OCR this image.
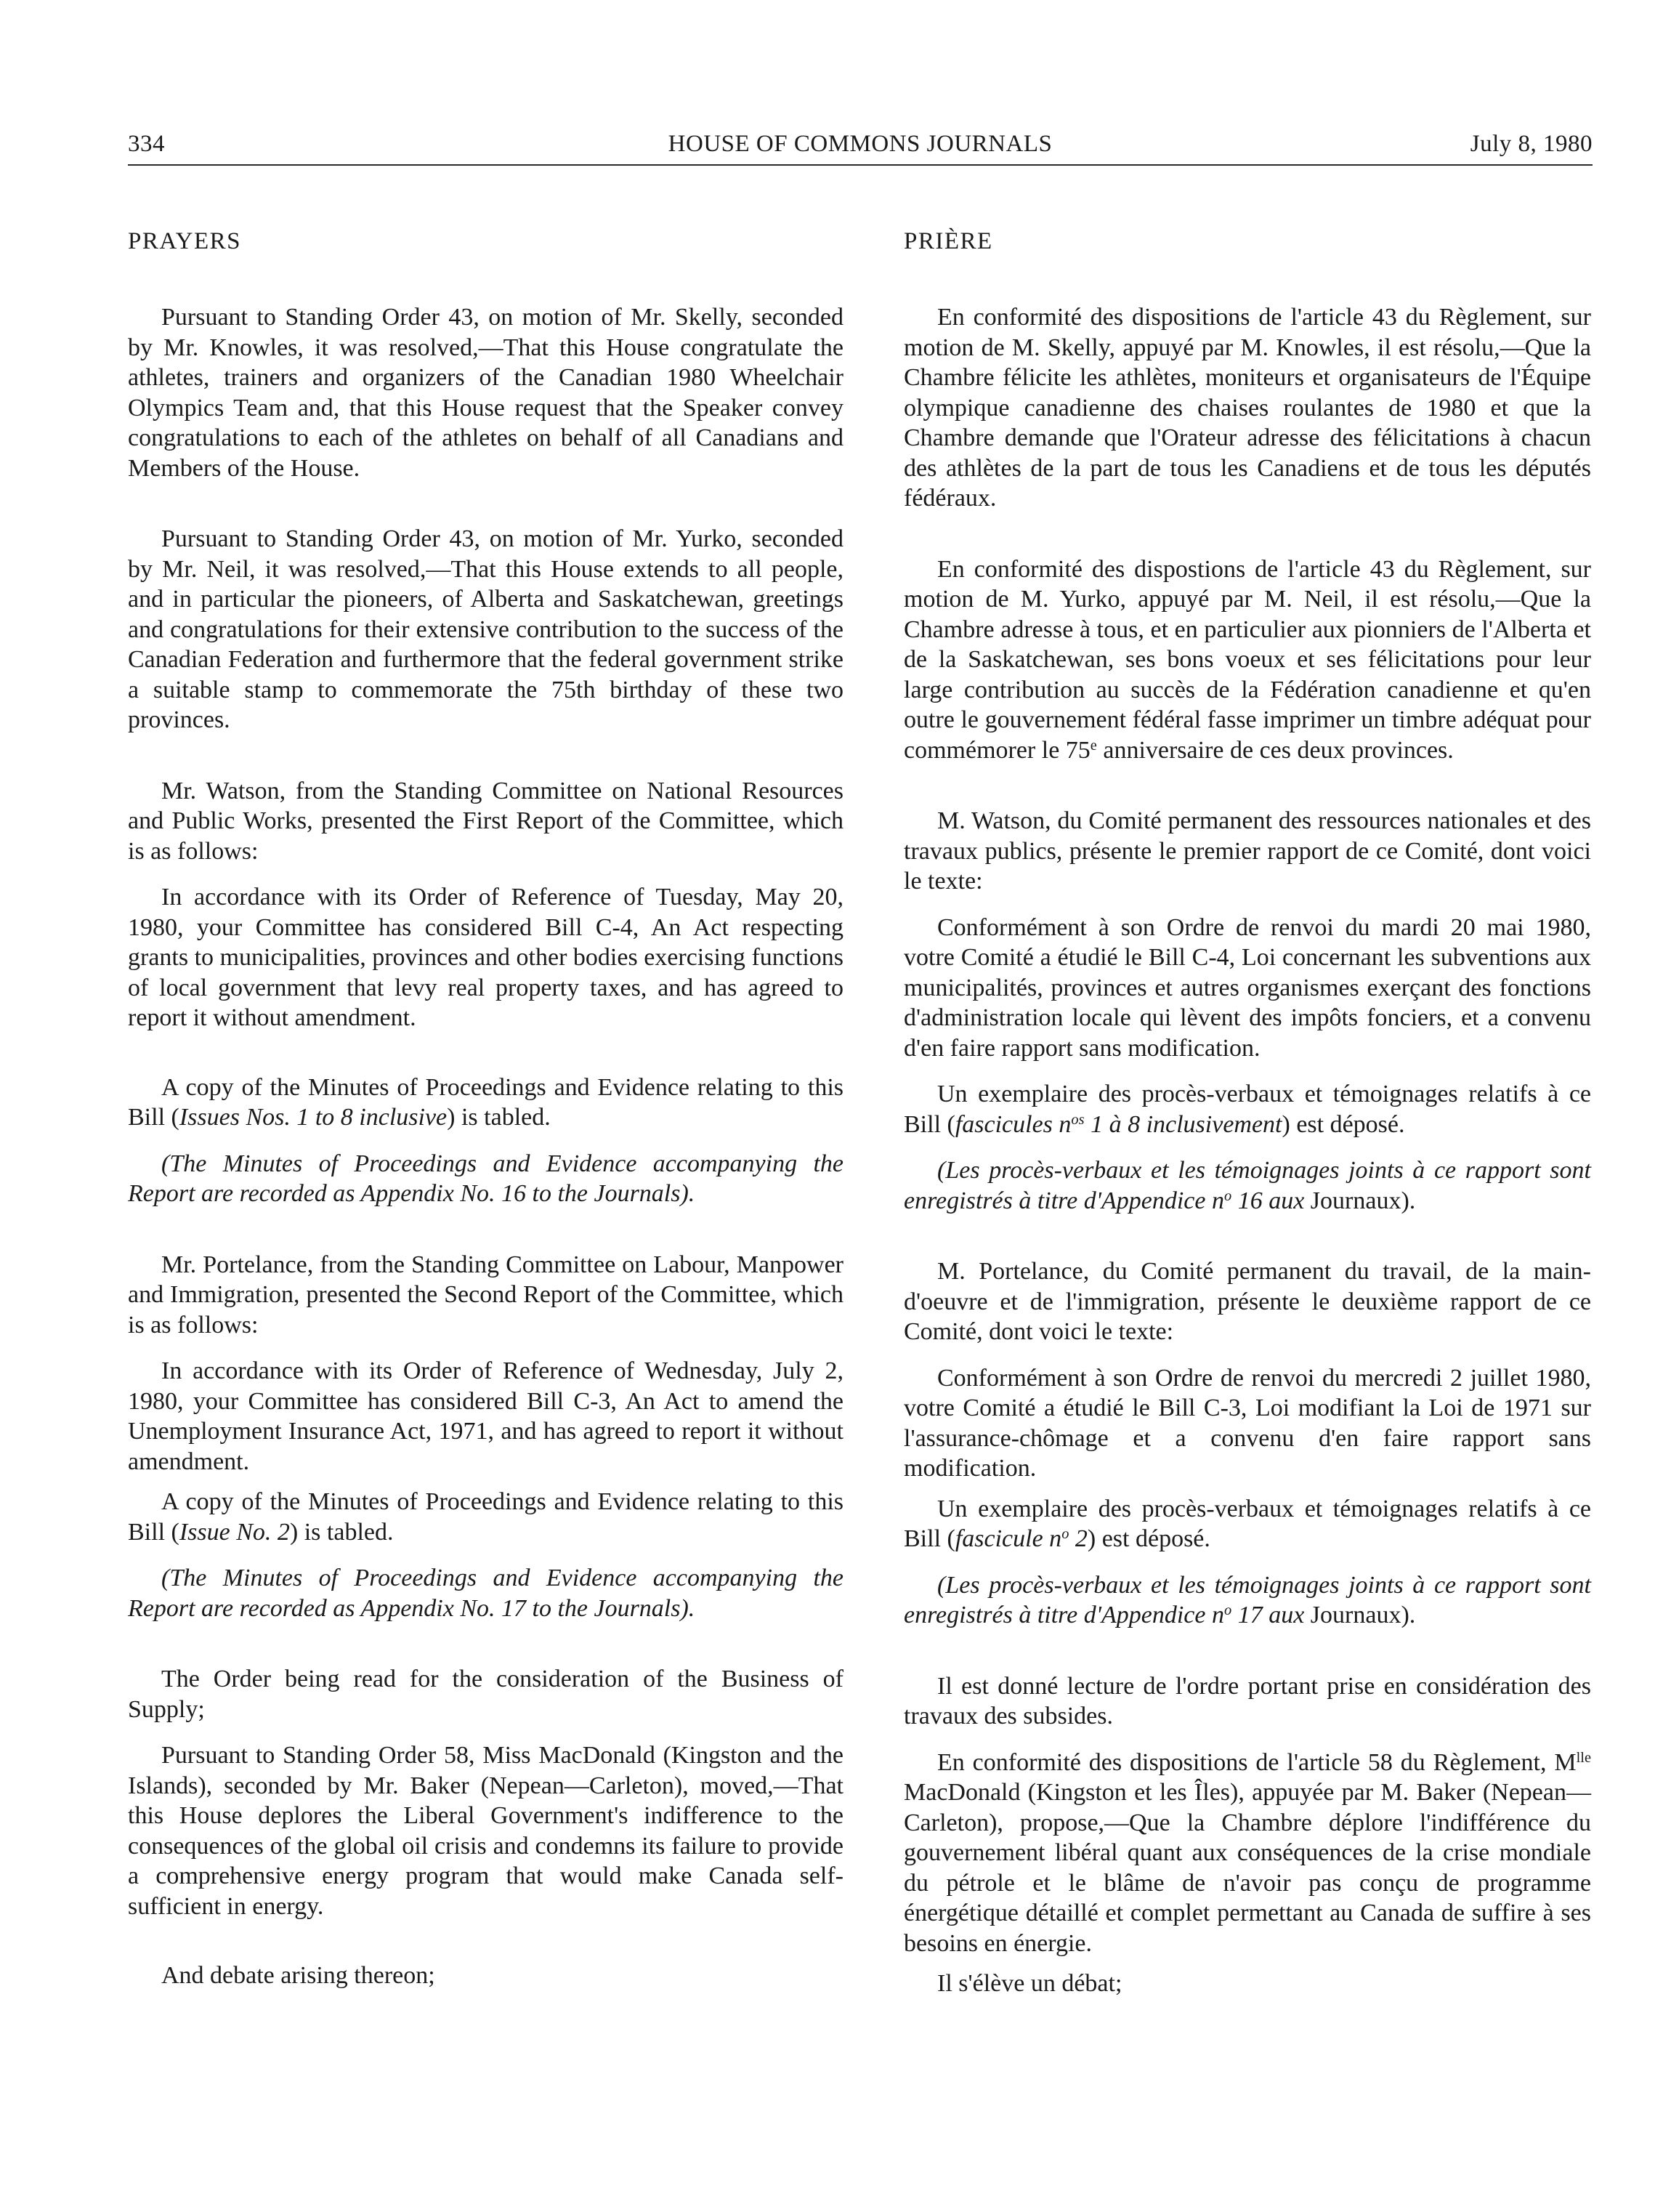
334	HOUSE OF COMMONS JOURNALS	July 8, 1980
PRAYERS

Pursuant to Standing Order 43, on motion of Mr. Skelly, seconded by Mr. Knowles, it was resolved,—That this House congratulate the athletes, trainers and organizers of the Canadian 1980 Wheelchair Olympics Team and, that this House request that the Speaker convey congratulations to each of the athletes on behalf of all Canadians and Members of the House.

Pursuant to Standing Order 43, on motion of Mr. Yurko, seconded by Mr. Neil, it was resolved,—That this House extends to all people, and in particular the pioneers, of Alberta and Saskatchewan, greetings and congratulations for their extensive contribution to the success of the Canadian Federation and furthermore that the federal government strike a suitable stamp to commemorate the 75th birthday of these two provinces.

Mr. Watson, from the Standing Committee on National Resources and Public Works, presented the First Report of the Committee, which is as follows:

In accordance with its Order of Reference of Tuesday, May 20, 1980, your Committee has considered Bill C-4, An Act respecting grants to municipalities, provinces and other bodies exercising functions of local government that levy real property taxes, and has agreed to report it without amendment.

A copy of the Minutes of Proceedings and Evidence relating to this Bill (Issues Nos. 1 to 8 inclusive) is tabled.

(The Minutes of Proceedings and Evidence accompanying the Report are recorded as Appendix No. 16 to the Journals).

Mr. Portelance, from the Standing Committee on Labour, Manpower and Immigration, presented the Second Report of the Committee, which is as follows:

In accordance with its Order of Reference of Wednesday, July 2, 1980, your Committee has considered Bill C-3, An Act to amend the Unemployment Insurance Act, 1971, and has agreed to report it without amendment.

A copy of the Minutes of Proceedings and Evidence relating to this Bill (Issue No. 2) is tabled.

(The Minutes of Proceedings and Evidence accompanying the Report are recorded as Appendix No. 17 to the Journals).

The Order being read for the consideration of the Business of Supply;

Pursuant to Standing Order 58, Miss MacDonald (Kingston and the Islands), seconded by Mr. Baker (Nepean—Carleton), moved,—That this House deplores the Liberal Government's indifference to the consequences of the global oil crisis and condemns its failure to provide a comprehensive energy program that would make Canada self-sufficient in energy.

And debate arising thereon;

PRIÈRE

En conformité des dispositions de l'article 43 du Règlement, sur motion de M. Skelly, appuyé par M. Knowles, il est résolu,—Que la Chambre félicite les athlètes, moniteurs et organisateurs de l'Équipe olympique canadienne des chaises roulantes de 1980 et que la Chambre demande que l'Orateur adresse des félicitations à chacun des athlètes de la part de tous les Canadiens et de tous les députés fédéraux.

En conformité des dispostions de l'article 43 du Règlement, sur motion de M. Yurko, appuyé par M. Neil, il est résolu,—Que la Chambre adresse à tous, et en particulier aux pionniers de l'Alberta et de la Saskatchewan, ses bons voeux et ses félicitations pour leur large contribution au succès de la Fédération canadienne et qu'en outre le gouvernement fédéral fasse imprimer un timbre adéquat pour commémorer le 75e anniversaire de ces deux provinces.

M. Watson, du Comité permanent des ressources nationales et des travaux publics, présente le premier rapport de ce Comité, dont voici le texte:

Conformément à son Ordre de renvoi du mardi 20 mai 1980, votre Comité a étudié le Bill C-4, Loi concernant les subventions aux municipalités, provinces et autres organismes exerçant des fonctions d'administration locale qui lèvent des impôts fonciers, et a convenu d'en faire rapport sans modification.

Un exemplaire des procès-verbaux et témoignages relatifs à ce Bill (fascicules $n^{os}$ 1 à 8 inclusivement) est déposé.

(Les procès-verbaux et les témoignages joints à ce rapport sont enregistrés à titre d'Appendice $n^o$ 16 aux Journaux).

M. Portelance, du Comité permanent du travail, de la main-d'oeuvre et de l'immigration, présente le deuxième rapport de ce Comité, dont voici le texte:

Conformément à son Ordre de renvoi du mercredi 2 juillet 1980, votre Comité a étudié le Bill C-3, Loi modifiant la Loi de 1971 sur l'assurance-chômage et a convenu d'en faire rapport sans modification.

Un exemplaire des procès-verbaux et témoignages relatifs à ce Bill (fascicule $n^o$ 2) est déposé.

(Les procès-verbaux et les témoignages joints à ce rapport sont enregistrés à titre d'Appendice $n^o$ 17 aux Journaux).

Il est donné lecture de l'ordre portant prise en considération des travaux des subsides.

En conformité des dispositions de l'article 58 du Règlement, $M^{lle}$ MacDonald (Kingston et les Îles), appuyée par M. Baker (Nepean—Carleton), propose,—Que la Chambre déplore l'indifférence du gouvernement libéral quant aux conséquences de la crise mondiale du pétrole et le blâme de n'avoir pas conçu de programme énergétique détaillé et complet permettant au Canada de suffire à ses besoins en énergie.

Il s'élève un débat;
